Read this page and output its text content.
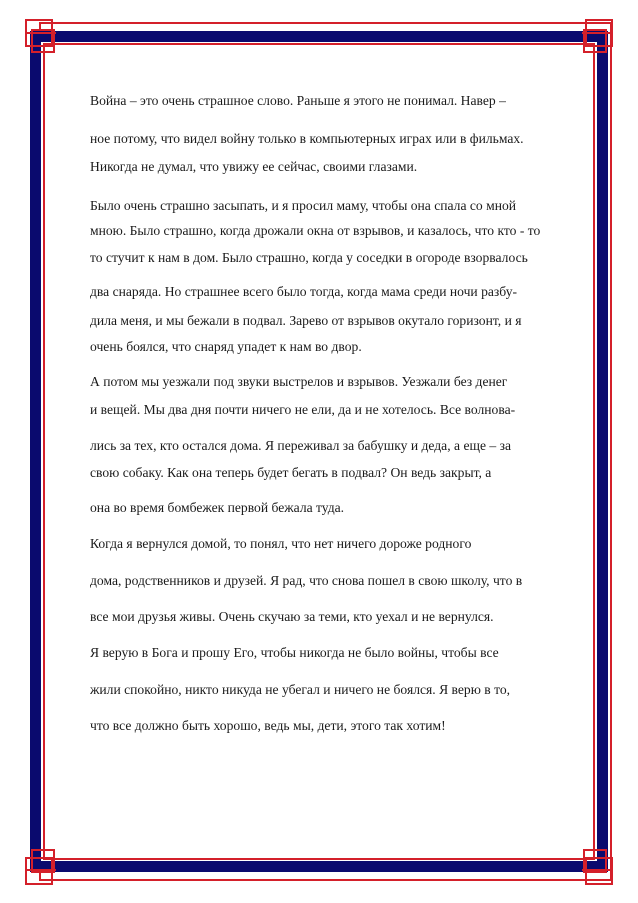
Война – это очень страшное слово. Раньше я этого не понимал. Навер –
ное потому, что видел войну только в компьютерных играх или в фильмах.
Никогда не думал, что увижу ее сейчас, своими глазами.
Было очень страшно засыпать, и я просил маму, чтобы она спала со мной
мною. Было страшно, когда дрожали окна от взрывов, и казалось, что кто - то
то стучит к нам в дом. Было страшно, когда у соседки в огороде взорвалось
два снаряда. Но страшнее всего было тогда, когда мама среди ночи разбу-
дила меня, и мы бежали в подвал. Зарево от взрывов окутало горизонт, и я
очень боялся, что снаряд упадет к нам во двор.
А потом мы уезжали под звуки выстрелов и взрывов. Уезжали без денег
и вещей. Мы два дня почти ничего не ели, да и не хотелось. Все волнова-
лись за тех, кто остался дома. Я переживал за бабушку и деда, а еще – за
свою собаку. Как она теперь будет бегать в подвал? Он ведь закрыт, а
она во время бомбежек первой бежала туда.
Когда я вернулся домой, то понял, что нет ничего дороже родного
дома, родственников и друзей. Я рад, что снова пошел в свою школу, что в
все мои друзья живы. Очень скучаю за теми, кто уехал и не вернулся.
Я верую в Бога и прошу Его, чтобы никогда не было войны, чтобы все
жили спокойно, никто никуда не убегал и ничего не боялся. Я верю в то,
что все должно быть хорошо, ведь мы, дети, этого так хотим!
